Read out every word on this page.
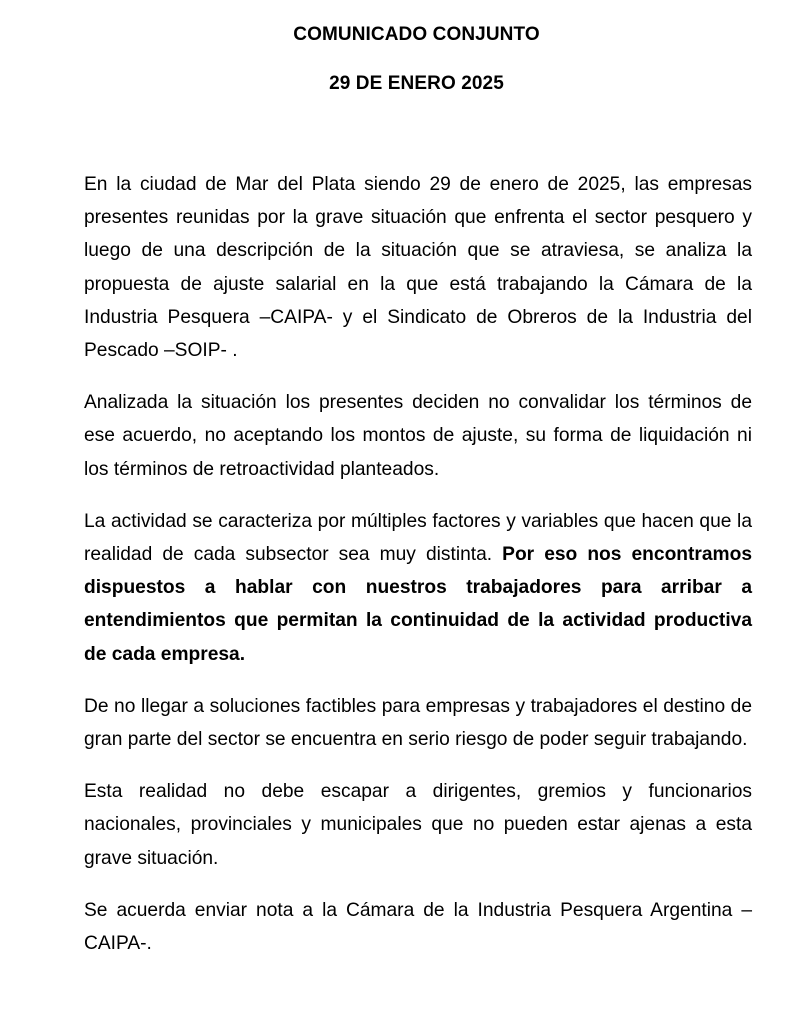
COMUNICADO CONJUNTO
29 DE ENERO 2025

En la ciudad de Mar del Plata siendo 29 de enero de 2025, las empresas presentes reunidas por la grave situación que enfrenta el sector pesquero y luego de una descripción de la situación que se atraviesa, se analiza la propuesta de ajuste salarial en la que está trabajando la Cámara de la Industria Pesquera –CAIPA- y el Sindicato de Obreros de la Industria del Pescado –SOIP- .

Analizada la situación los presentes deciden no convalidar los términos de ese acuerdo, no aceptando los montos de ajuste, su forma de liquidación ni los términos de retroactividad planteados.

La actividad se caracteriza por múltiples factores y variables que hacen que la realidad de cada subsector sea muy distinta. Por eso nos encontramos dispuestos a hablar con nuestros trabajadores para arribar a entendimientos que permitan la continuidad de la actividad productiva de cada empresa.

De no llegar a soluciones factibles para empresas y trabajadores el destino de gran parte del sector se encuentra en serio riesgo de poder seguir trabajando.

Esta realidad no debe escapar a dirigentes, gremios y funcionarios nacionales, provinciales y municipales que no pueden estar ajenas a esta grave situación.

Se acuerda enviar nota a la Cámara de la Industria Pesquera Argentina –CAIPA-.
